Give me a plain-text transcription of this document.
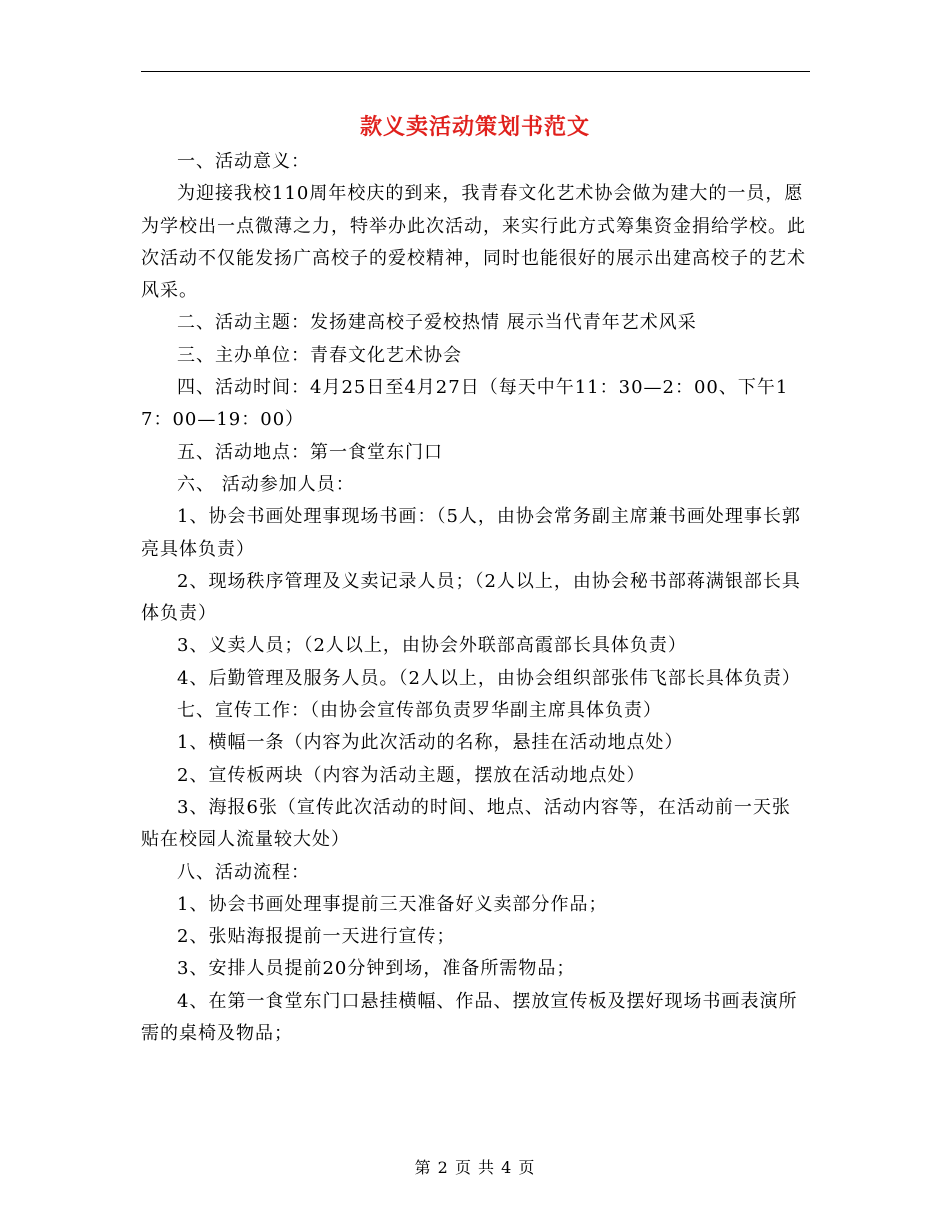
款义卖活动策划书范文

一、活动意义：

为迎接我校110周年校庆的到来，我青春文化艺术协会做为建大的一员，愿为学校出一点微薄之力，特举办此次活动，来实行此方式筹集资金捐给学校。此次活动不仅能发扬广高校子的爱校精神，同时也能很好的展示出建高校子的艺术风采。

二、活动主题：发扬建高校子爱校热情 展示当代青年艺术风采

三、主办单位：青春文化艺术协会

四、活动时间：4月25日至4月27日（每天中午11：30—2：00、下午17：00—19：00）

五、活动地点：第一食堂东门口

六、 活动参加人员：

1、协会书画处理事现场书画：（5人，由协会常务副主席兼书画处理事长郭亮具体负责）

2、现场秩序管理及义卖记录人员；（2人以上，由协会秘书部蒋满银部长具体负责）

3、义卖人员；（2人以上，由协会外联部高霞部长具体负责）

4、后勤管理及服务人员。（2人以上，由协会组织部张伟飞部长具体负责）

七、宣传工作：（由协会宣传部负责罗华副主席具体负责）

1、横幅一条（内容为此次活动的名称，悬挂在活动地点处）

2、宣传板两块（内容为活动主题，摆放在活动地点处）

3、海报6张（宣传此次活动的时间、地点、活动内容等，在活动前一天张贴在校园人流量较大处）

八、活动流程：

1、协会书画处理事提前三天准备好义卖部分作品；

2、张贴海报提前一天进行宣传；

3、安排人员提前20分钟到场，准备所需物品；

4、在第一食堂东门口悬挂横幅、作品、摆放宣传板及摆好现场书画表演所需的桌椅及物品；

第 2 页 共 4 页
